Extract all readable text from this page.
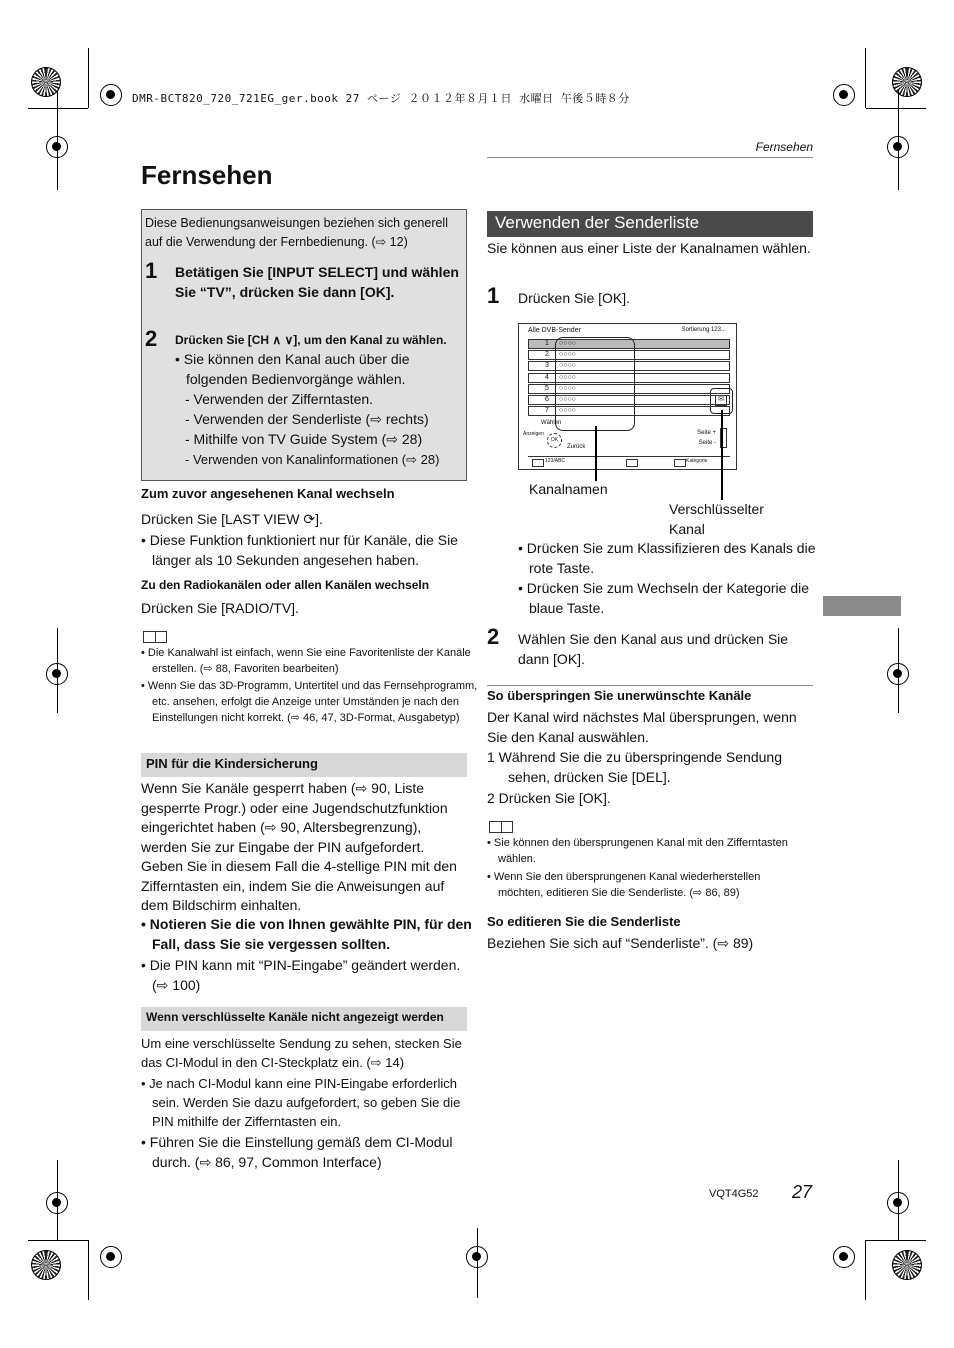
DMR-BCT820_720_721EG_ger.book 27 ページ ２０１２年８月１日 水曜日 午後５時８分
Fernsehen
Fernsehen
Diese Bedienungsanweisungen beziehen sich generell auf die Verwendung der Fernbedienung. (⇨ 12)
1 Betätigen Sie [INPUT SELECT] und wählen Sie “TV”, drücken Sie dann [OK].
2 Drücken Sie [CH ∧ ∨], um den Kanal zu wählen.
• Sie können den Kanal auch über die folgenden Bedienvorgänge wählen.
- Verwenden der Zifferntasten.
- Verwenden der Senderliste (⇨ rechts)
- Mithilfe von TV Guide System (⇨ 28)
- Verwenden von Kanalinformationen (⇨ 28)
Zum zuvor angesehenen Kanal wechseln
Drücken Sie [LAST VIEW ⟳].
• Diese Funktion funktioniert nur für Kanäle, die Sie länger als 10 Sekunden angesehen haben.
Zu den Radiokanälen oder allen Kanälen wechseln
Drücken Sie [RADIO/TV].
• Die Kanalwahl ist einfach, wenn Sie eine Favoritenliste der Kanäle erstellen. (⇨ 88, Favoriten bearbeiten)
• Wenn Sie das 3D-Programm, Untertitel und das Fernsehprogramm, etc. ansehen, erfolgt die Anzeige unter Umständen je nach den Einstellungen nicht korrekt. (⇨ 46, 47, 3D-Format, Ausgabetyp)
PIN für die Kindersicherung
Wenn Sie Kanäle gesperrt haben (⇨ 90, Liste gesperrte Progr.) oder eine Jugendschutzfunktion eingerichtet haben (⇨ 90, Altersbegrenzung), werden Sie zur Eingabe der PIN aufgefordert. Geben Sie in diesem Fall die 4-stellige PIN mit den Zifferntasten ein, indem Sie die Anweisungen auf dem Bildschirm einhalten.
• Notieren Sie die von Ihnen gewählte PIN, für den Fall, dass Sie sie vergessen sollten.
• Die PIN kann mit “PIN-Eingabe” geändert werden. (⇨ 100)
Wenn verschlüsselte Kanäle nicht angezeigt werden
Um eine verschlüsselte Sendung zu sehen, stecken Sie das CI-Modul in den CI-Steckplatz ein. (⇨ 14)
• Je nach CI-Modul kann eine PIN-Eingabe erforderlich sein. Werden Sie dazu aufgefordert, so geben Sie die PIN mithilfe der Zifferntasten ein.
• Führen Sie die Einstellung gemäß dem CI-Modul durch. (⇨ 86, 97, Common Interface)
Verwenden der Senderliste
Sie können aus einer Liste der Kanalnamen wählen.
1 Drücken Sie [OK].
Alle DVB-Sender	Sortierung 123...
1 ○○○○
2 ○○○○
3 ○○○○
4 ○○○○
5 ○○○○
6 ○○○○
7 ○○○○
✉
Wählen
Anzeigen
OK
Zurück
Seite +
Seite -
123/ABC	Kategorie
Kanalnamen
Verschlüsselter Kanal
• Drücken Sie zum Klassifizieren des Kanals die rote Taste.
• Drücken Sie zum Wechseln der Kategorie die blaue Taste.
2 Wählen Sie den Kanal aus und drücken Sie dann [OK].
So überspringen Sie unerwünschte Kanäle
Der Kanal wird nächstes Mal übersprungen, wenn Sie den Kanal auswählen.
1 Während Sie die zu überspringende Sendung sehen, drücken Sie [DEL].
2 Drücken Sie [OK].
• Sie können den übersprungenen Kanal mit den Zifferntasten wählen.
• Wenn Sie den übersprungenen Kanal wiederherstellen möchten, editieren Sie die Senderliste. (⇨ 86, 89)
So editieren Sie die Senderliste
Beziehen Sie sich auf “Senderliste”. (⇨ 89)
VQT4G52 27
